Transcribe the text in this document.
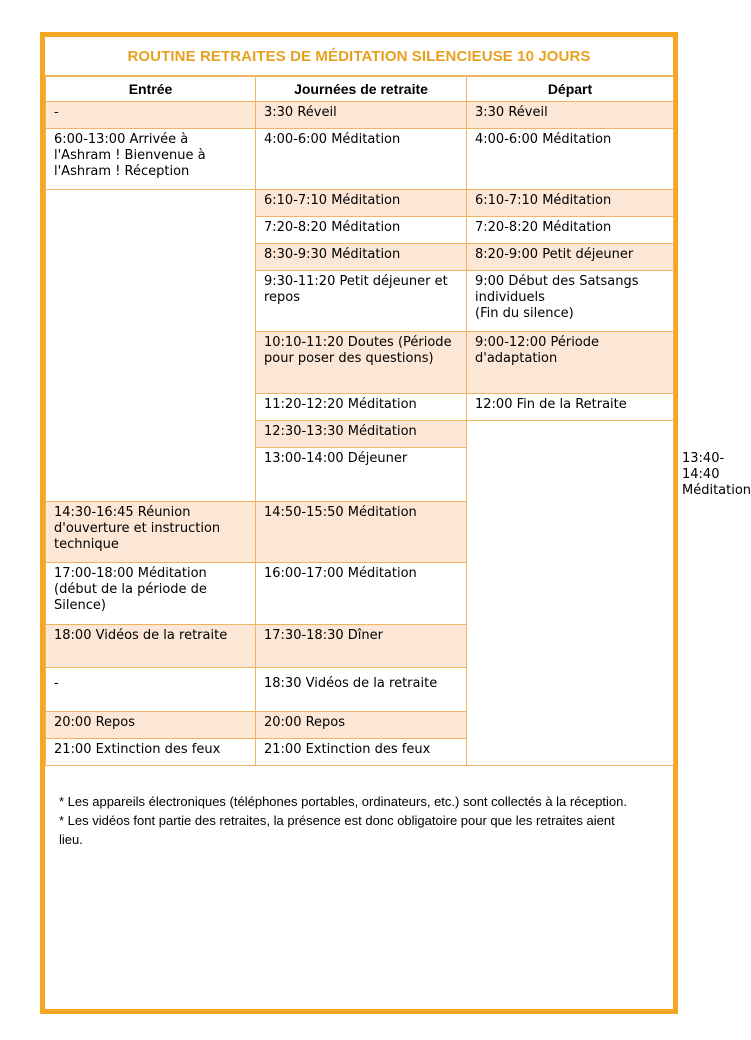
ROUTINE RETRAITES DE MÉDITATION SILENCIEUSE 10 JOURS
Entrée	Journées de retraite	Départ	
-	3:30 Réveil	3:30 Réveil	
6:00-13:00 Arrivée à l'Ashram ! Bienvenue à l'Ashram ! Réception	4:00-6:00 Méditation	4:00-6:00 Méditation	
	6:10-7:10 Méditation	6:10-7:10 Méditation	
	7:20-8:20 Méditation	7:20-8:20 Méditation	
	8:30-9:30 Méditation	8:20-9:00 Petit déjeuner	
	9:30-11:20 Petit déjeuner et repos	9:00 Début des Satsangs individuels
(Fin du silence)	

	10:10-11:20 Doutes (Période pour poser des questions)	9:00-12:00 Période d'adaptation	
	11:20-12:20 Méditation	12:00 Fin de la Retraite	
	12:30-13:30 Méditation		
	13:00-14:00 Déjeuner		13:40-14:40 Méditation
14:30-16:45 Réunion d'ouverture et instruction technique	14:50-15:50 Méditation		
17:00-18:00 Méditation (début de la période de Silence)	16:00-17:00 Méditation		
18:00 Vidéos de la retraite	17:30-18:30 Dîner		
-	18:30 Vidéos de la retraite		
20:00 Repos	20:00 Repos		
21:00 Extinction des feux	21:00 Extinction des feux		

* Les appareils électroniques (téléphones portables, ordinateurs, etc.) sont collectés à la réception.

* Les vidéos font partie des retraites, la présence est donc obligatoire pour que les retraites aient lieu.
